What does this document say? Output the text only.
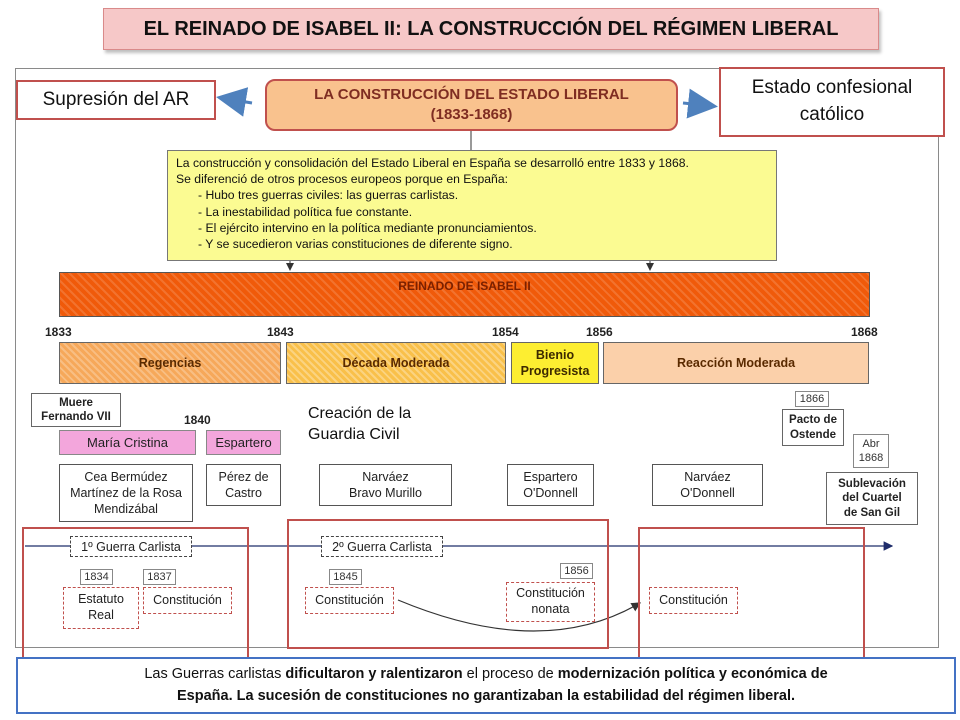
EL REINADO DE ISABEL II: LA CONSTRUCCIÓN DEL RÉGIMEN LIBERAL
Supresión del AR
Estado confesional
católico
LA CONSTRUCCIÓN DEL ESTADO LIBERAL
(1833-1868)
La construcción y consolidación del Estado Liberal en España se desarrolló entre 1833 y 1868.
Se diferenció de otros procesos europeos porque en España:
- Hubo tres guerras civiles: las guerras carlistas.
- La inestabilidad política fue constante.
- El ejército intervino en la política mediante pronunciamientos.
- Y se sucedieron varias constituciones de diferente signo.
REINADO DE ISABEL II
1833	1843	1854	1856	1868
Regencias	Década Moderada
Bienio
Progresista
Reacción Moderada
Muere
Fernando VII	1840	Creación de la
Guardia Civil
1866
Pacto de
Ostende
Abr
1868
Sublevación
del Cuartel
de San Gil
María Cristina	Espartero
Cea Bermúdez
Martínez de la Rosa
Mendizábal
Pérez de
Castro
Narváez
Bravo Murillo
Espartero
O'Donnell
Narváez
O'Donnell
1º Guerra Carlista	2º Guerra Carlista
1834
Estatuto
Real
1837
Constitución
1845
Constitución
1856
Constitución
nonata
Constitución
Las Guerras carlistas dificultaron y ralentizaron el proceso de modernización política y económica de
España. La sucesión de constituciones no garantizaban la estabilidad del régimen liberal.
